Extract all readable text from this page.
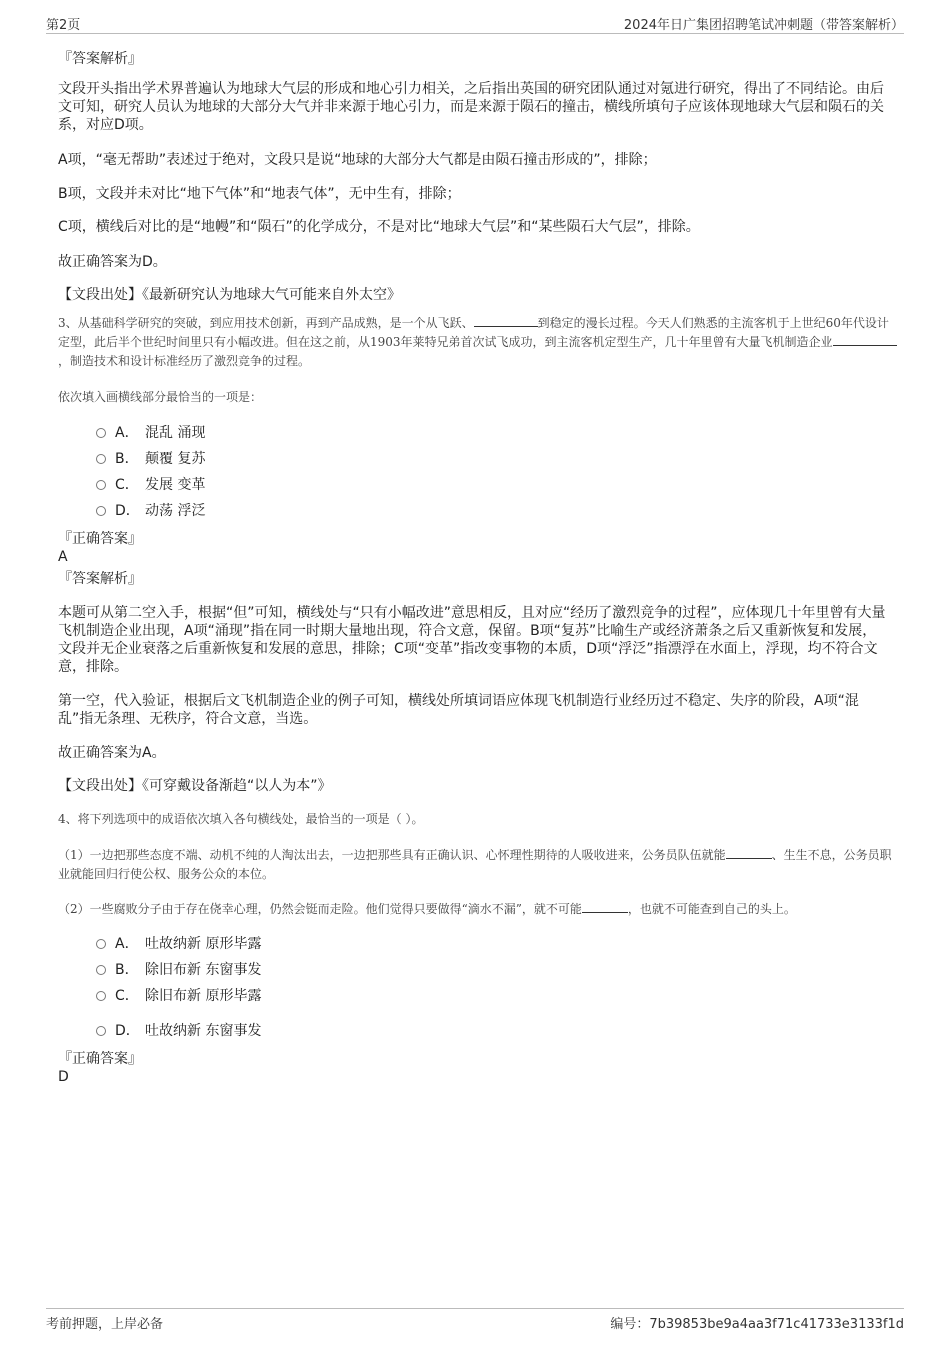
第2页	2024年日广集团招聘笔试冲刺题（带答案解析）
『答案解析』
文段开头指出学术界普遍认为地球大气层的形成和地心引力相关，之后指出英国的研究团队通过对氪进行研究，得出了不同结论。由后文可知，研究人员认为地球的大部分大气并非来源于地心引力，而是来源于陨石的撞击，横线所填句子应该体现地球大气层和陨石的关系，对应D项。
A项，“毫无帮助”表述过于绝对，文段只是说“地球的大部分大气都是由陨石撞击形成的”，排除；
B项，文段并未对比“地下气体”和“地表气体”，无中生有，排除；
C项，横线后对比的是“地幔”和“陨石”的化学成分，不是对比“地球大气层”和“某些陨石大气层”，排除。
故正确答案为D。
【文段出处】《最新研究认为地球大气可能来自外太空》
3、从基础科学研究的突破，到应用技术创新，再到产品成熟，是一个从飞跃、	到稳定的漫长过程。今天人们熟悉的主流客机于上世纪60年代设计定型，此后半个世纪时间里只有小幅改进。但在这之前，从1903年莱特兄弟首次试飞成功，到主流客机定型生产，几十年里曾有大量飞机制造企业，制造技术和设计标准经历了激烈竞争的过程。
依次填入画横线部分最恰当的一项是：
A． 混乱 涌现
B． 颠覆 复苏
C． 发展 变革
D． 动荡 浮泛
『正确答案』
A
『答案解析』
本题可从第二空入手，根据“但”可知，横线处与“只有小幅改进”意思相反，且对应“经历了激烈竞争的过程”，应体现几十年里曾有大量飞机制造企业出现，A项“涌现”指在同一时期大量地出现，符合文意，保留。B项“复苏”比喻生产或经济萧条之后又重新恢复和发展，文段并无企业衰落之后重新恢复和发展的意思，排除；C项“变革”指改变事物的本质，D项“浮泛”指漂浮在水面上，浮现，均不符合文意，排除。
第一空，代入验证，根据后文飞机制造企业的例子可知，横线处所填词语应体现飞机制造行业经历过不稳定、失序的阶段，A项“混乱”指无条理、无秩序，符合文意，当选。
故正确答案为A。
【文段出处】《可穿戴设备渐趋“以人为本”》
4、将下列选项中的成语依次填入各句横线处，最恰当的一项是（ ）。
（1）一边把那些态度不端、动机不纯的人淘汰出去，一边把那些具有正确认识、心怀理性期待的人吸收进来，公务员队伍就能	、生生不息，公务员职业就能回归行使公权、服务公众的本位。
（2）一些腐败分子由于存在侥幸心理，仍然会铤而走险。他们觉得只要做得“滴水不漏”，就不可能	，也就不可能查到自己的头上。
A． 吐故纳新 原形毕露
B． 除旧布新 东窗事发
C． 除旧布新 原形毕露
D． 吐故纳新 东窗事发
『正确答案』
D
考前押题，上岸必备	编号：7b39853be9a4aa3f71c41733e3133f1d
